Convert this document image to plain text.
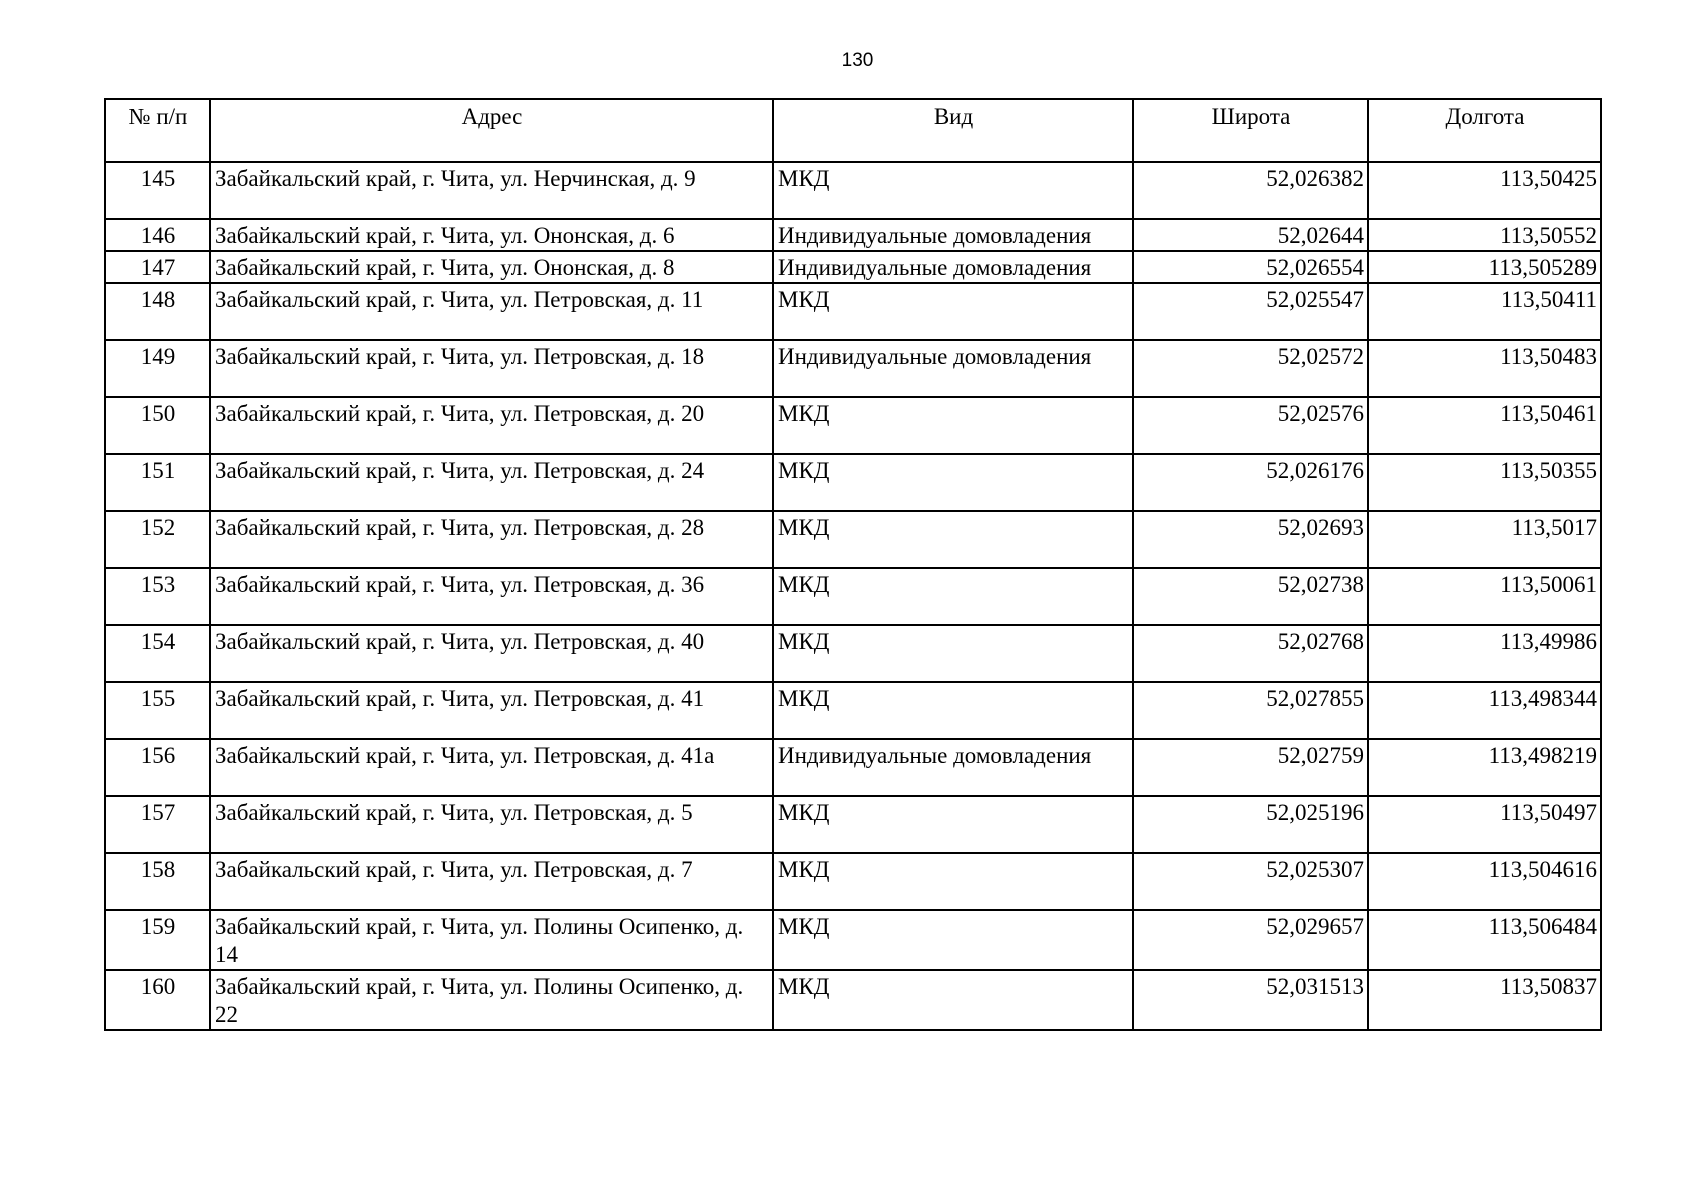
130
№ п/п	Адрес	Вид	Широта	Долгота
145	Забайкальский край, г. Чита, ул. Нерчинская, д. 9	МКД	52,026382	113,50425
146	Забайкальский край, г. Чита, ул. Ононская, д. 6	Индивидуальные домовладения	52,02644	113,50552
147	Забайкальский край, г. Чита, ул. Ононская, д. 8	Индивидуальные домовладения	52,026554	113,505289
148	Забайкальский край, г. Чита, ул. Петровская, д. 11	МКД	52,025547	113,50411
149	Забайкальский край, г. Чита, ул. Петровская, д. 18	Индивидуальные домовладения	52,02572	113,50483
150	Забайкальский край, г. Чита, ул. Петровская, д. 20	МКД	52,02576	113,50461
151	Забайкальский край, г. Чита, ул. Петровская, д. 24	МКД	52,026176	113,50355
152	Забайкальский край, г. Чита, ул. Петровская, д. 28	МКД	52,02693	113,5017
153	Забайкальский край, г. Чита, ул. Петровская, д. 36	МКД	52,02738	113,50061
154	Забайкальский край, г. Чита, ул. Петровская, д. 40	МКД	52,02768	113,49986
155	Забайкальский край, г. Чита, ул. Петровская, д. 41	МКД	52,027855	113,498344
156	Забайкальский край, г. Чита, ул. Петровская, д. 41а	Индивидуальные домовладения	52,02759	113,498219
157	Забайкальский край, г. Чита, ул. Петровская, д. 5	МКД	52,025196	113,50497
158	Забайкальский край, г. Чита, ул. Петровская, д. 7	МКД	52,025307	113,504616
159	Забайкальский край, г. Чита, ул. Полины Осипенко, д. 14	МКД	52,029657	113,506484
160	Забайкальский край, г. Чита, ул. Полины Осипенко, д. 22	МКД	52,031513	113,50837
